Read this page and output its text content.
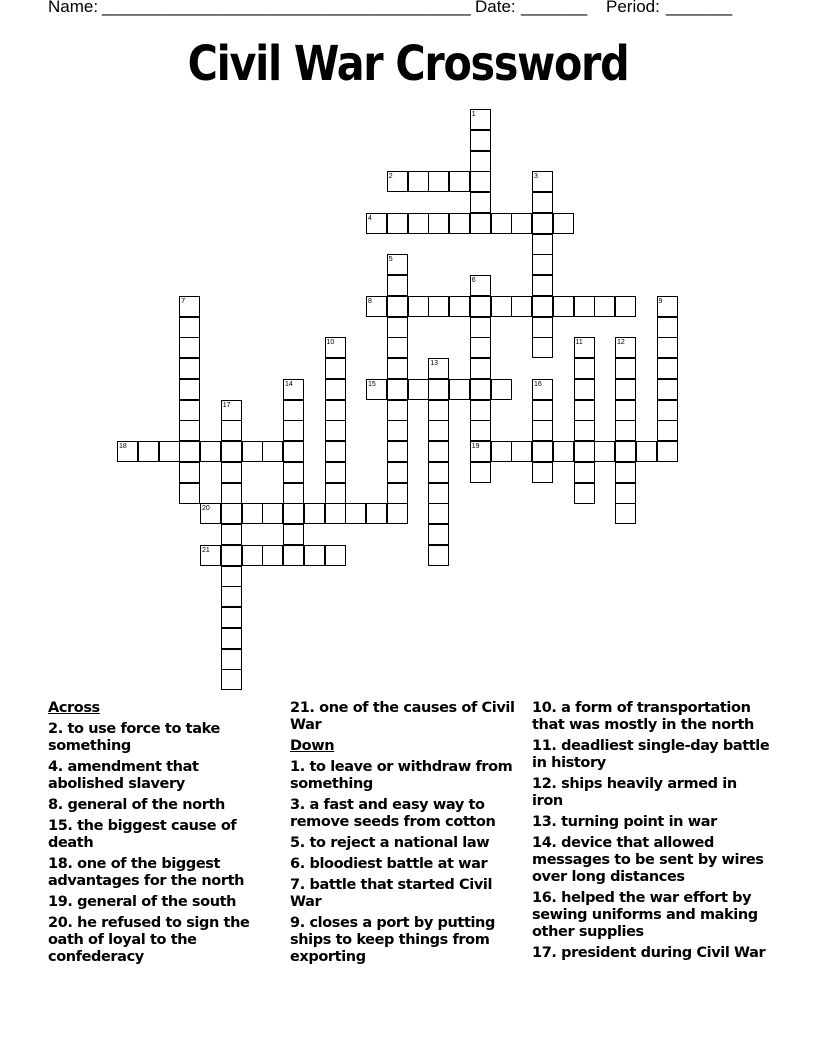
Name: _______________________________________ Date: _______ Period: _______
Civil War Crossword
1
2	3
4
5
6
7	8	9
10	11	12
13
14	15	16
17
18	19
20
21
Across
2. to use force to take something
4. amendment that abolished slavery
8. general of the north
15. the biggest cause of death
18. one of the biggest advantages for the north
19. general of the south
20. he refused to sign the oath of loyal to the confederacy
21. one of the causes of Civil War
Down
1. to leave or withdraw from something
3. a fast and easy way to remove seeds from cotton
5. to reject a national law
6. bloodiest battle at war
7. battle that started Civil War
9. closes a port by putting ships to keep things from exporting
10. a form of transportation that was mostly in the north
11. deadliest single-day battle in history
12. ships heavily armed in iron
13. turning point in war
14. device that allowed messages to be sent by wires over long distances
16. helped the war effort by sewing uniforms and making other supplies
17. president during Civil War
